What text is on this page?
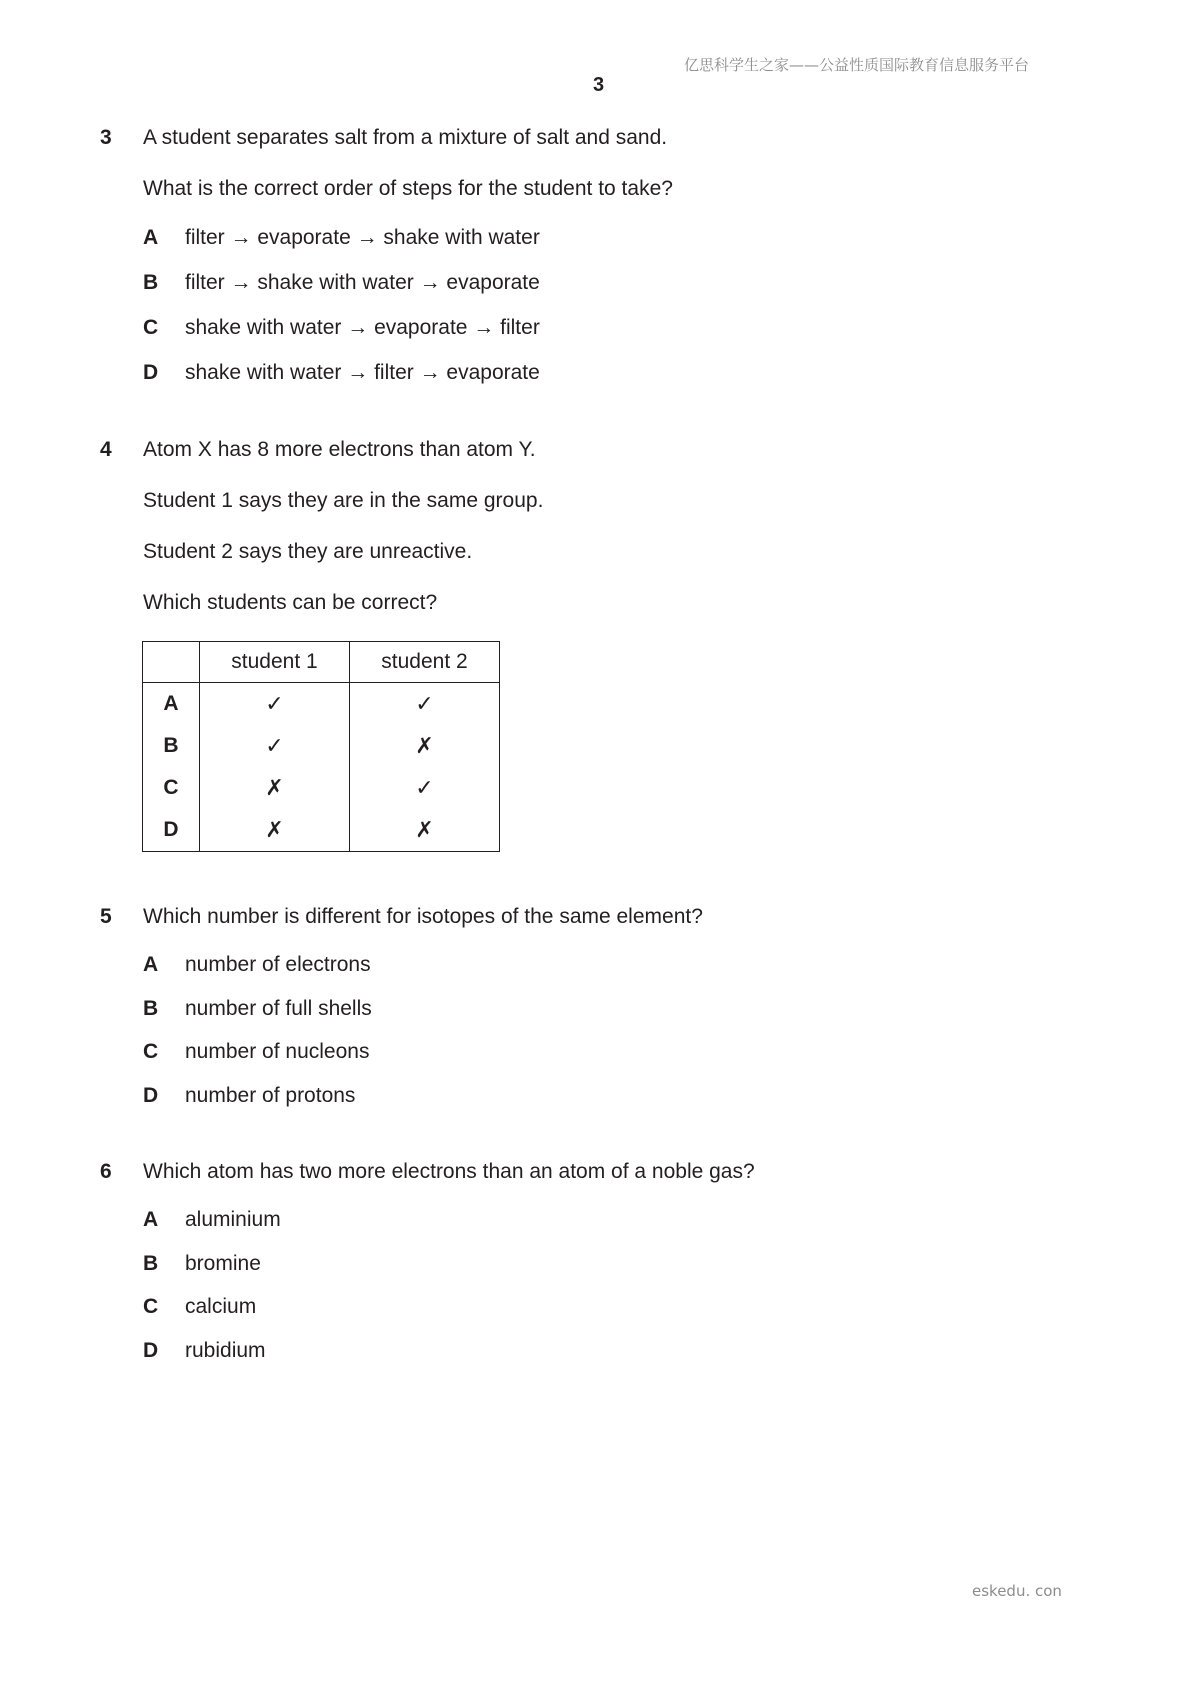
亿思科学生之家——公益性质国际教育信息服务平台
3
eskedu. con
3 A student separates salt from a mixture of salt and sand.
What is the correct order of steps for the student to take?
A filter → evaporate → shake with water
B filter → shake with water → evaporate
C shake with water → evaporate → filter
D shake with water → filter → evaporate
4 Atom X has 8 more electrons than atom Y.
Student 1 says they are in the same group.
Student 2 says they are unreactive.
Which students can be correct?
	student 1	student 2
A	✓	✓
B	✓	✗
C	✗	✓
D	✗	✗
5 Which number is different for isotopes of the same element?
A number of electrons
B number of full shells
C number of nucleons
D number of protons
6 Which atom has two more electrons than an atom of a noble gas?
A aluminium
B bromine
C calcium
D rubidium
